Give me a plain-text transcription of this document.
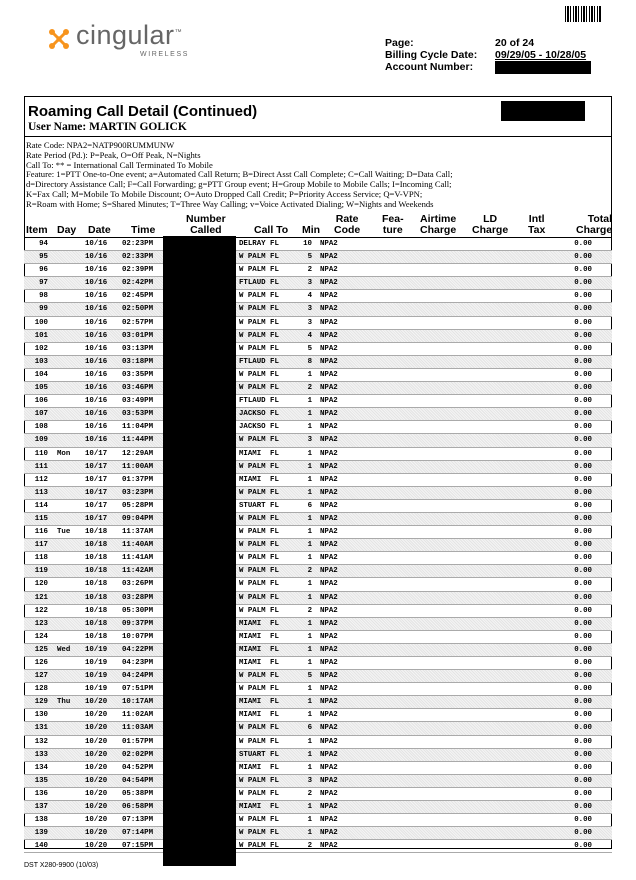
cingular™
WIRELESS
Page:
Billing Cycle Date:
Account Number:
20 of 24
09/29/05 - 10/28/05
Roaming Call Detail (Continued)
User Name: MARTIN GOLICK
Rate Code: NPA2=NATP900RUMMUNW
Rate Period (Pd.): P=Peak, O=Off Peak, N=Nights
Call To: ** = International Call Terminated To Mobile
Feature: 1=PTT One-to-One event; a=Automated Call Return; B=Direct Asst Call Complete; C=Call Waiting; D=Data Call;
d=Directory Assistance Call; F=Call Forwarding; g=PTT Group event; H=Group Mobile to Mobile Calls; I=Incoming Call;
K=Fax Call; M=Mobile To Mobile Discount; O=Auto Dropped Call Credit; P=Priority Access Service; Q=V-VPN;
R=Roam with Home; S=Shared Minutes; T=Three Way Calling; v=Voice Activated Dialing; W=Nights and Weekends

Item Day Date Time
Number
Called	Call To Min
Rate
Code
Fea-
ture
Airtime
Charge
LD
Charge
Intl
Tax
Total
Charge
94	10/16	02:23PM	DELRAY FL	10 NPA2	0.00
95	10/16	02:33PM	W PALM FL	5 NPA2	0.00
96	10/16	02:39PM	W PALM FL	2 NPA2	0.00
97	10/16	02:42PM	FTLAUD FL	3 NPA2	0.00
98	10/16	02:45PM	W PALM FL	4 NPA2	0.00
99	10/16	02:50PM	W PALM FL	3 NPA2	0.00
100	10/16	02:57PM	W PALM FL	3 NPA2	0.00
101	10/16	03:01PM	W PALM FL	4 NPA2	0.00
102	10/16	03:13PM	W PALM FL	5 NPA2	0.00
103	10/16	03:18PM	FTLAUD FL	8 NPA2	0.00
104	10/16	03:35PM	W PALM FL	1 NPA2	0.00
105	10/16	03:46PM	W PALM FL	2 NPA2	0.00
106	10/16	03:49PM	FTLAUD FL	1 NPA2	0.00
107	10/16	03:53PM	JACKSO FL	1 NPA2	0.00
108	10/16	11:04PM	JACKSO FL	1 NPA2	0.00
109	10/16	11:44PM	W PALM FL	3 NPA2	0.00
110 Mon	10/17	12:29AM	MIAMI  FL	1 NPA2	0.00
111	10/17	11:00AM	W PALM FL	1 NPA2	0.00
112	10/17	01:37PM	MIAMI  FL	1 NPA2	0.00
113	10/17	03:23PM	W PALM FL	1 NPA2	0.00
114	10/17	05:28PM	STUART FL	6 NPA2	0.00
115	10/17	09:04PM	W PALM FL	1 NPA2	0.00
116 Tue	10/18	11:37AM	W PALM FL	1 NPA2	0.00
117	10/18	11:40AM	W PALM FL	1 NPA2	0.00
118	10/18	11:41AM	W PALM FL	1 NPA2	0.00
119	10/18	11:42AM	W PALM FL	2 NPA2	0.00
120	10/18	03:26PM	W PALM FL	1 NPA2	0.00
121	10/18	03:28PM	W PALM FL	1 NPA2	0.00
122	10/18	05:30PM	W PALM FL	2 NPA2	0.00
123	10/18	09:37PM	MIAMI  FL	1 NPA2	0.00
124	10/18	10:07PM	MIAMI  FL	1 NPA2	0.00
125 Wed	10/19	04:22PM	MIAMI  FL	1 NPA2	0.00
126	10/19	04:23PM	MIAMI  FL	1 NPA2	0.00
127	10/19	04:24PM	W PALM FL	5 NPA2	0.00
128	10/19	07:51PM	W PALM FL	1 NPA2	0.00
129 Thu	10/20	10:17AM	MIAMI  FL	1 NPA2	0.00
130	10/20	11:02AM	MIAMI  FL	1 NPA2	0.00
131	10/20	11:03AM	W PALM FL	6 NPA2	0.00
132	10/20	01:57PM	W PALM FL	1 NPA2	0.00
133	10/20	02:02PM	STUART FL	1 NPA2	0.00
134	10/20	04:52PM	MIAMI  FL	1 NPA2	0.00
135	10/20	04:54PM	W PALM FL	3 NPA2	0.00
136	10/20	05:38PM	W PALM FL	2 NPA2	0.00
137	10/20	06:58PM	MIAMI  FL	1 NPA2	0.00
138	10/20	07:13PM	W PALM FL	1 NPA2	0.00
139	10/20	07:14PM	W PALM FL	1 NPA2	0.00
140	10/20	07:15PM	W PALM FL	2 NPA2	0.00
DST X280-9900 (10/03)
